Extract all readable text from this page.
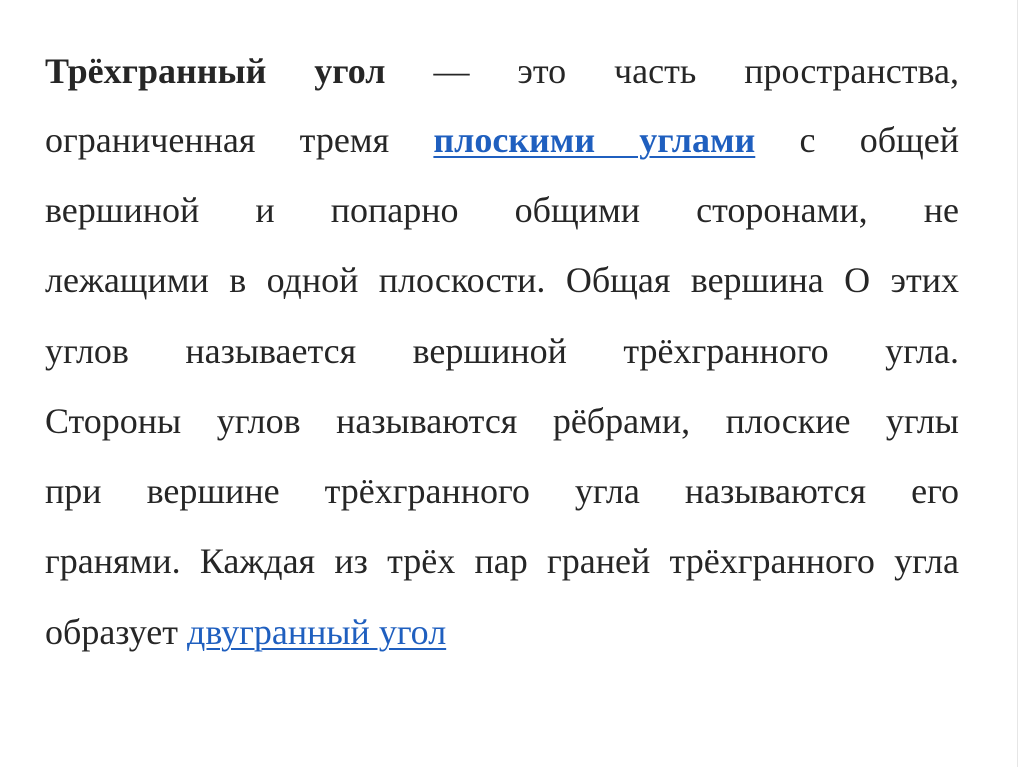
Трёхгранный угол — это часть пространства,
ограниченная тремя плоскими углами с общей
вершиной и попарно общими сторонами, не
лежащими в одной плоскости. Общая вершина О этих
углов называется вершиной трёхгранного угла.
Стороны углов называются рёбрами, плоские углы
при вершине трёхгранного угла называются его
гранями. Каждая из трёх пар граней трёхгранного угла
образует двугранный угол
